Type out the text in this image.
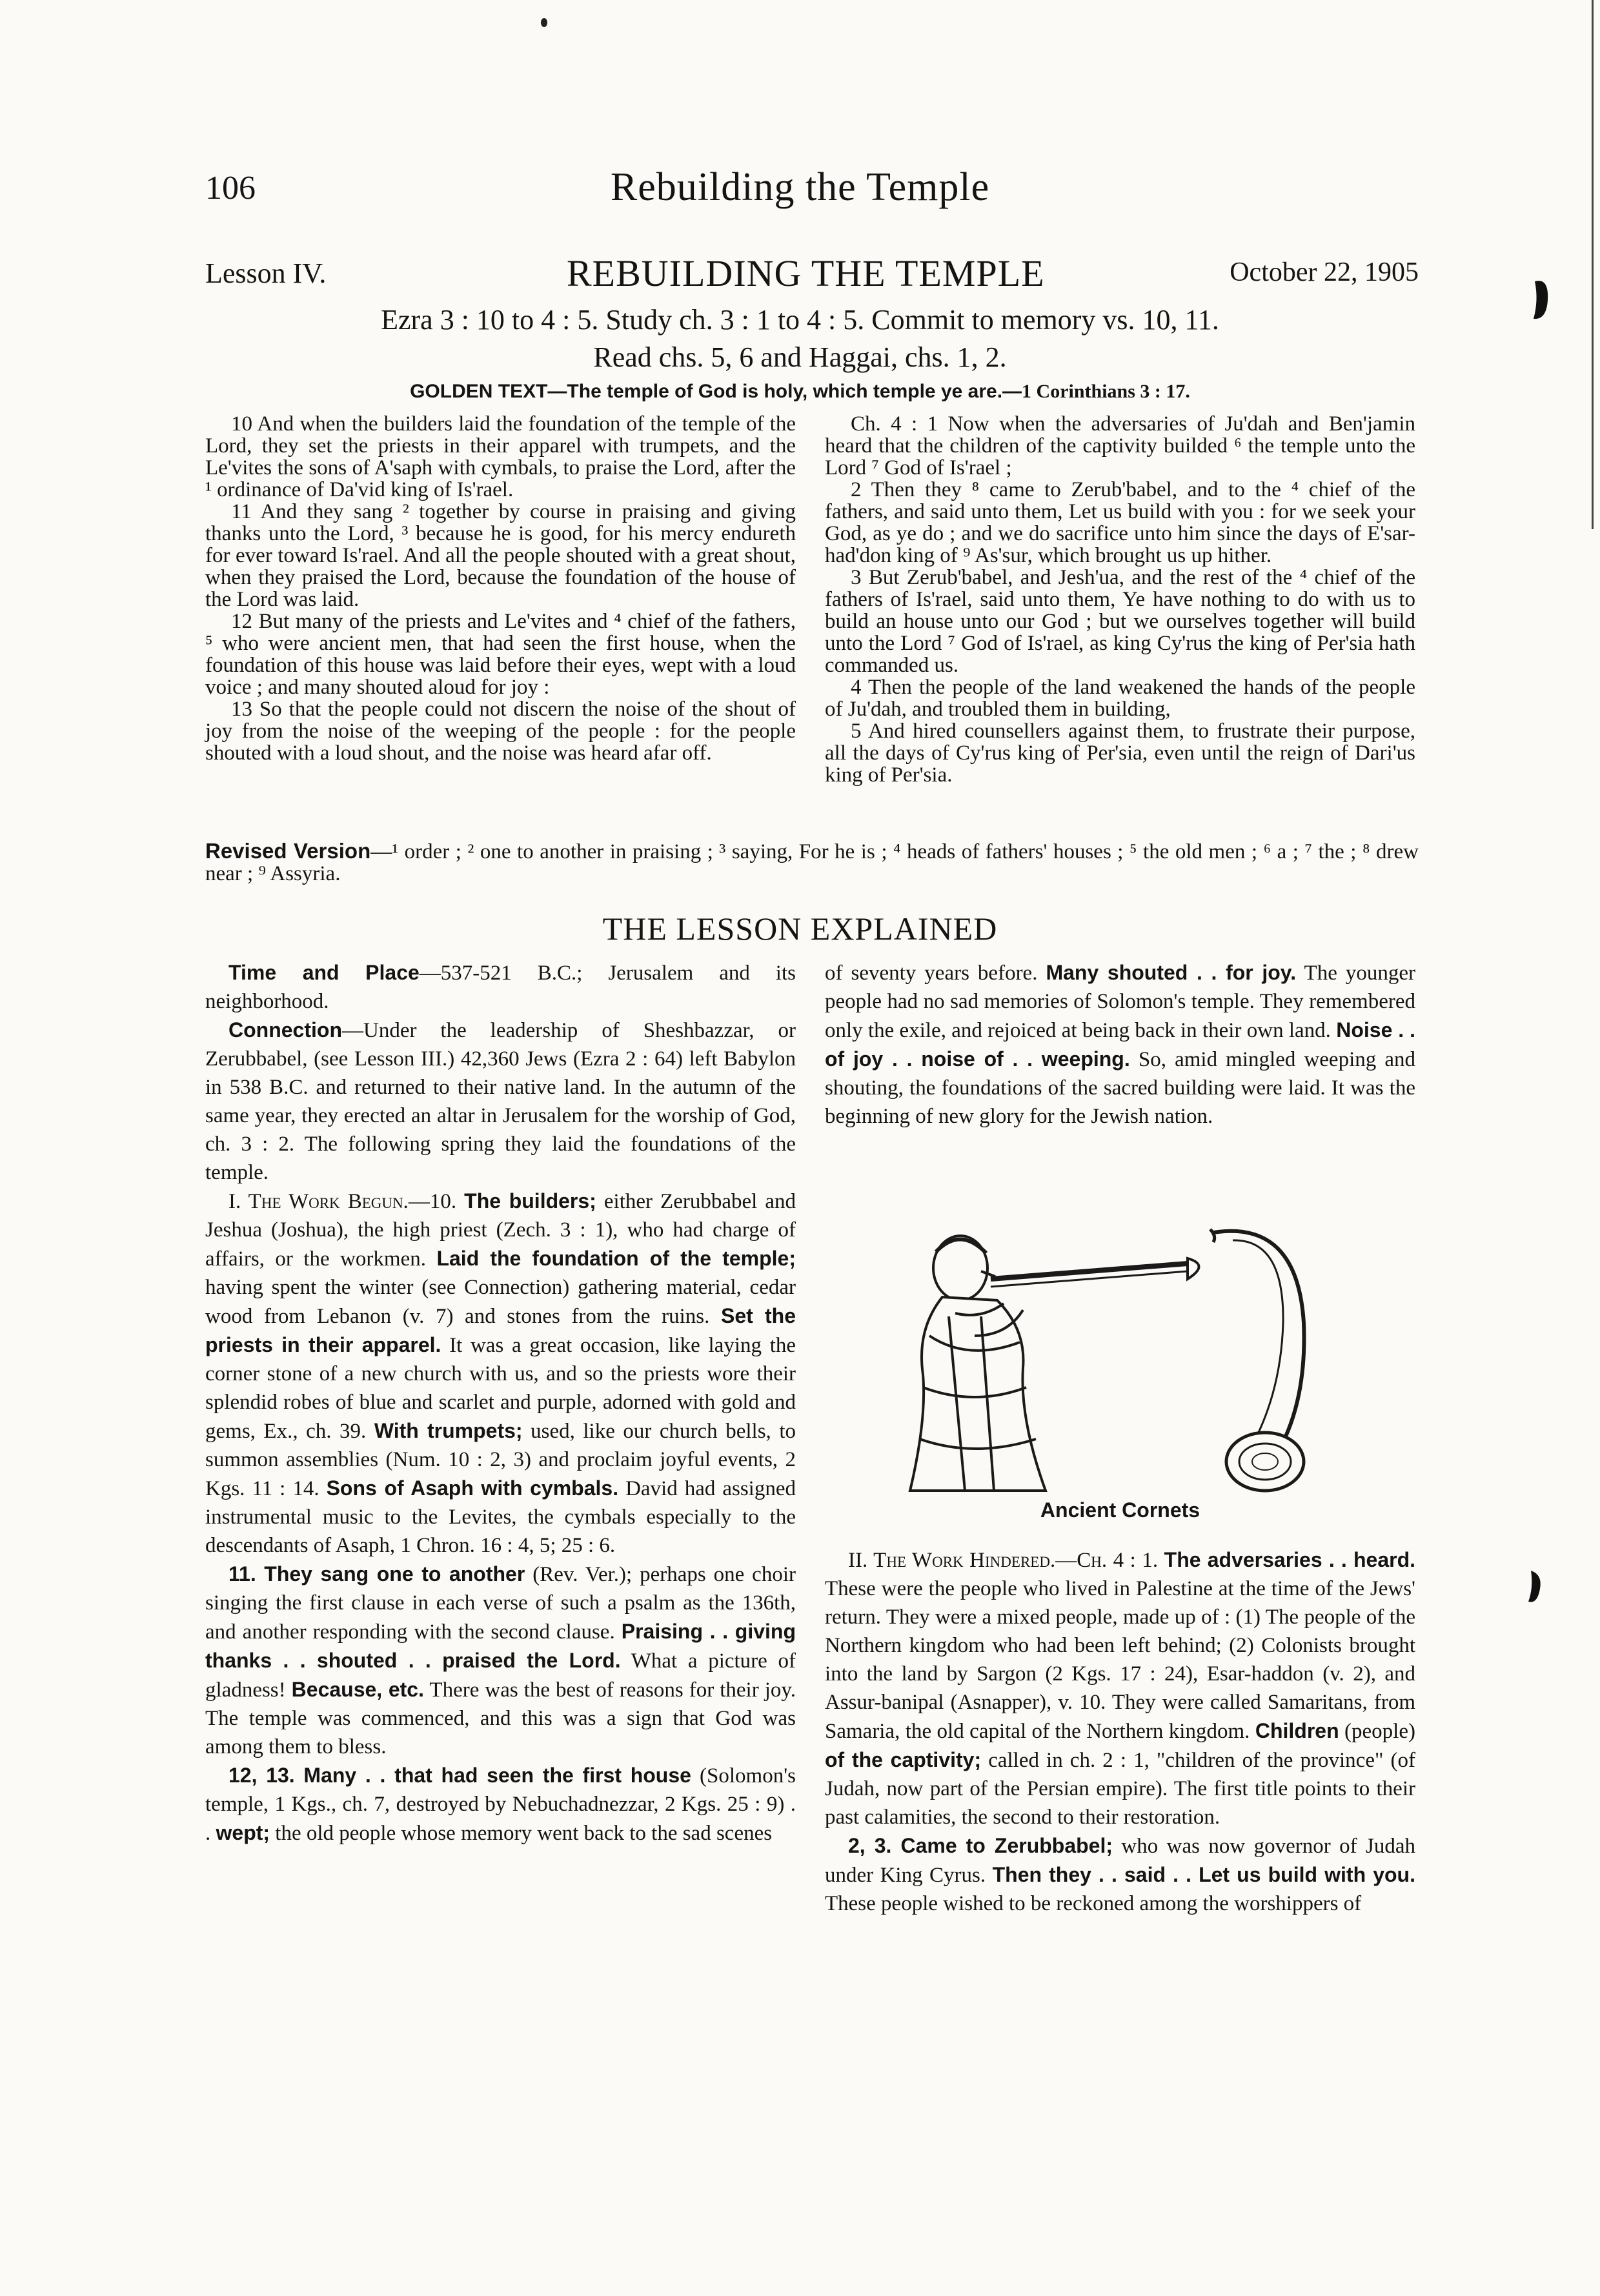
106	Rebuilding the Temple
Lesson IV.	REBUILDING THE TEMPLE	October 22, 1905
Ezra 3 : 10 to 4 : 5. Study ch. 3 : 1 to 4 : 5. Commit to memory vs. 10, 11.
Read chs. 5, 6 and Haggai, chs. 1, 2.
GOLDEN TEXT—The temple of God is holy, which temple ye are.—1 Corinthians 3 : 17.

10 And when the builders laid the foundation of the temple of the Lord, they set the priests in their apparel with trumpets, and the Le'vites the sons of A'saph with cymbals, to praise the Lord, after the ¹ ordinance of Da'vid king of Is'rael.

11 And they sang ² together by course in praising and giving thanks unto the Lord, ³ because he is good, for his mercy endureth for ever toward Is'rael. And all the people shouted with a great shout, when they praised the Lord, because the foundation of the house of the Lord was laid.

12 But many of the priests and Le'vites and ⁴ chief of the fathers, ⁵ who were ancient men, that had seen the first house, when the foundation of this house was laid before their eyes, wept with a loud voice ; and many shouted aloud for joy :

13 So that the people could not discern the noise of the shout of joy from the noise of the weeping of the people : for the people shouted with a loud shout, and the noise was heard afar off.

Ch. 4 : 1 Now when the adversaries of Ju'dah and Ben'jamin heard that the children of the captivity builded ⁶ the temple unto the Lord ⁷ God of Is'rael ;

2 Then they ⁸ came to Zerub'babel, and to the ⁴ chief of the fathers, and said unto them, Let us build with you : for we seek your God, as ye do ; and we do sacrifice unto him since the days of E'sar-had'don king of ⁹ As'sur, which brought us up hither.

3 But Zerub'babel, and Jesh'ua, and the rest of the ⁴ chief of the fathers of Is'rael, said unto them, Ye have nothing to do with us to build an house unto our God ; but we ourselves together will build unto the Lord ⁷ God of Is'rael, as king Cy'rus the king of Per'sia hath commanded us.

4 Then the people of the land weakened the hands of the people of Ju'dah, and troubled them in building,

5 And hired counsellers against them, to frustrate their purpose, all the days of Cy'rus king of Per'sia, even until the reign of Dari'us king of Per'sia.

Revised Version—¹ order ; ² one to another in praising ; ³ saying, For he is ; ⁴ heads of fathers' houses ; ⁵ the old men ; ⁶ a ; ⁷ the ; ⁸ drew near ; ⁹ Assyria.
THE LESSON EXPLAINED

Time and Place—537-521 B.C.; Jerusalem and its neighborhood.

Connection—Under the leadership of Sheshbazzar, or Zerubbabel, (see Lesson III.) 42,360 Jews (Ezra 2 : 64) left Babylon in 538 B.C. and returned to their native land. In the autumn of the same year, they erected an altar in Jerusalem for the worship of God, ch. 3 : 2. The following spring they laid the foundations of the temple.

I. The Work Begun.—10. The builders; either Zerubbabel and Jeshua (Joshua), the high priest (Zech. 3 : 1), who had charge of affairs, or the workmen. Laid the foundation of the temple; having spent the winter (see Connection) gathering material, cedar wood from Lebanon (v. 7) and stones from the ruins. Set the priests in their apparel. It was a great occasion, like laying the corner stone of a new church with us, and so the priests wore their splendid robes of blue and scarlet and purple, adorned with gold and gems, Ex., ch. 39. With trumpets; used, like our church bells, to summon assemblies (Num. 10 : 2, 3) and proclaim joyful events, 2 Kgs. 11 : 14. Sons of Asaph with cymbals. David had assigned instrumental music to the Levites, the cymbals especially to the descendants of Asaph, 1 Chron. 16 : 4, 5; 25 : 6.

11. They sang one to another (Rev. Ver.); perhaps one choir singing the first clause in each verse of such a psalm as the 136th, and another responding with the second clause. Praising . . giving thanks . . shouted . . praised the Lord. What a picture of gladness! Because, etc. There was the best of reasons for their joy. The temple was commenced, and this was a sign that God was among them to bless.

12, 13. Many . . that had seen the first house (Solomon's temple, 1 Kgs., ch. 7, destroyed by Nebuchadnezzar, 2 Kgs. 25 : 9) . . wept; the old people whose memory went back to the sad scenes

of seventy years before. Many shouted . . for joy. The younger people had no sad memories of Solomon's temple. They remembered only the exile, and rejoiced at being back in their own land. Noise . . of joy . . noise of . . weeping. So, amid mingled weeping and shouting, the foundations of the sacred building were laid. It was the beginning of new glory for the Jewish nation.

Ancient Cornets

II. The Work Hindered.—Ch. 4 : 1. The adversaries . . heard. These were the people who lived in Palestine at the time of the Jews' return. They were a mixed people, made up of : (1) The people of the Northern kingdom who had been left behind; (2) Colonists brought into the land by Sargon (2 Kgs. 17 : 24), Esar-haddon (v. 2), and Assur-banipal (Asnapper), v. 10. They were called Samaritans, from Samaria, the old capital of the Northern kingdom. Children (people) of the captivity; called in ch. 2 : 1, "children of the province" (of Judah, now part of the Persian empire). The first title points to their past calamities, the second to their restoration.

2, 3. Came to Zerubbabel; who was now governor of Judah under King Cyrus. Then they . . said . . Let us build with you. These people wished to be reckoned among the worshippers of
